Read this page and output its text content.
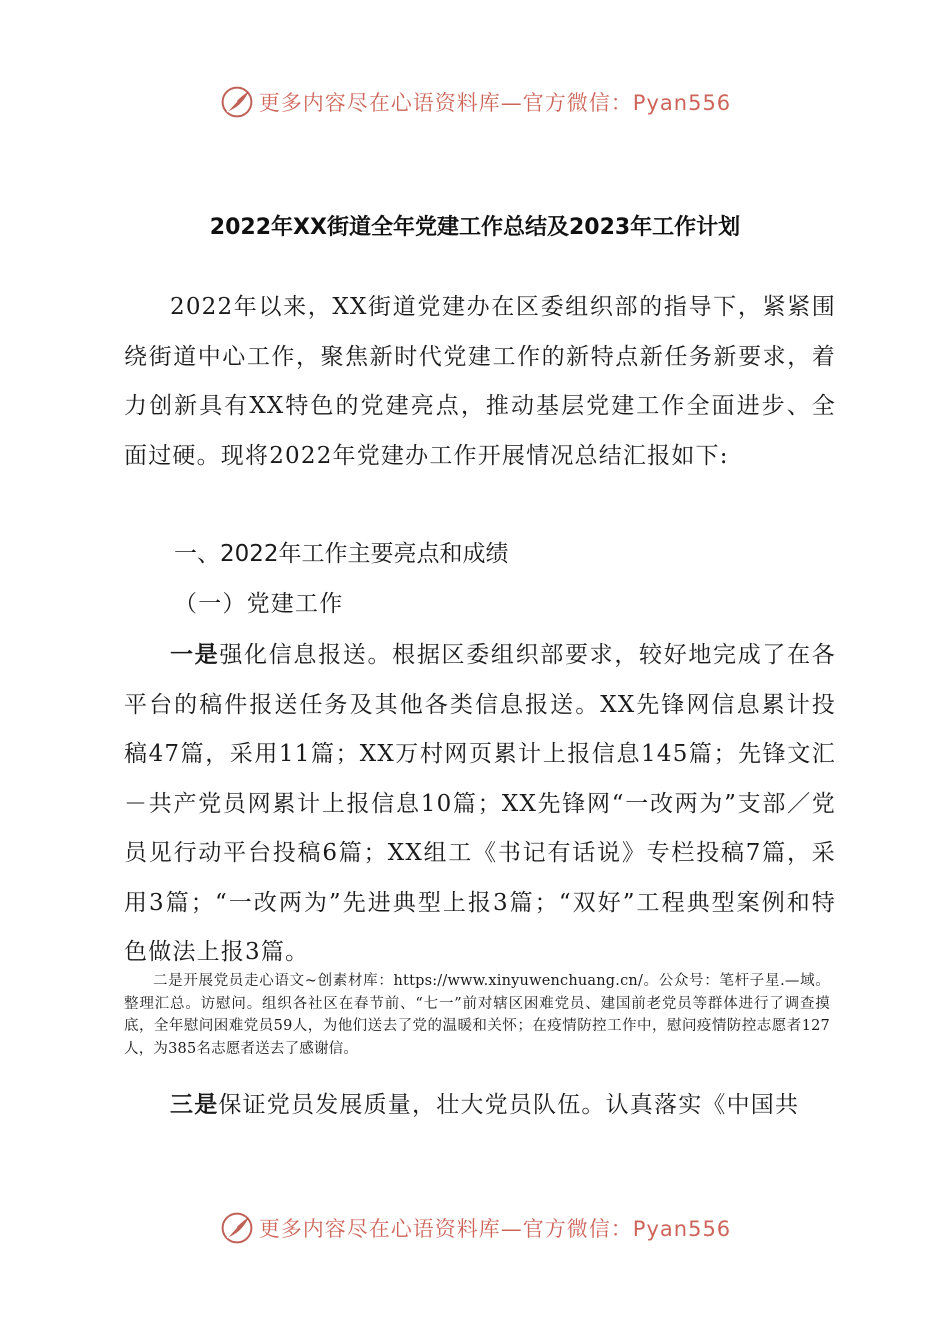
更多内容尽在心语资料库—官方微信：Pyan556
2022年XX街道全年党建工作总结及2023年工作计划

2022年以来，XX街道党建办在区委组织部的指导下，紧紧围绕街道中心工作，聚焦新时代党建工作的新特点新任务新要求，着力创新具有XX特色的党建亮点，推动基层党建工作全面进步、全面过硬。现将2022年党建办工作开展情况总结汇报如下:

一、2022年工作主要亮点和成绩
（一）党建工作

一是强化信息报送。根据区委组织部要求，较好地完成了在各平台的稿件报送任务及其他各类信息报送。XX先锋网信息累计投稿47篇，采用11篇；XX万村网页累计上报信息145篇；先锋文汇－共产党员网累计上报信息10篇；XX先锋网“一改两为”支部／党员见行动平台投稿6篇；XX组工《书记有话说》专栏投稿7篇，采用3篇；“一改两为”先进典型上报3篇；“双好”工程典型案例和特色做法上报3篇。

二是开展党员走心语文~创素材库：https://www.xinyuwenchuang.cn/。公众号：笔杆子星.—域。整理汇总。访慰问。组织各社区在春节前、“七一”前对辖区困难党员、建国前老党员等群体进行了调查摸底，全年慰问困难党员59人，为他们送去了党的温暖和关怀；在疫情防控工作中，慰问疫情防控志愿者127人，为385名志愿者送去了感谢信。

三是保证党员发展质量，壮大党员队伍。认真落实《中国共

更多内容尽在心语资料库—官方微信：Pyan556
